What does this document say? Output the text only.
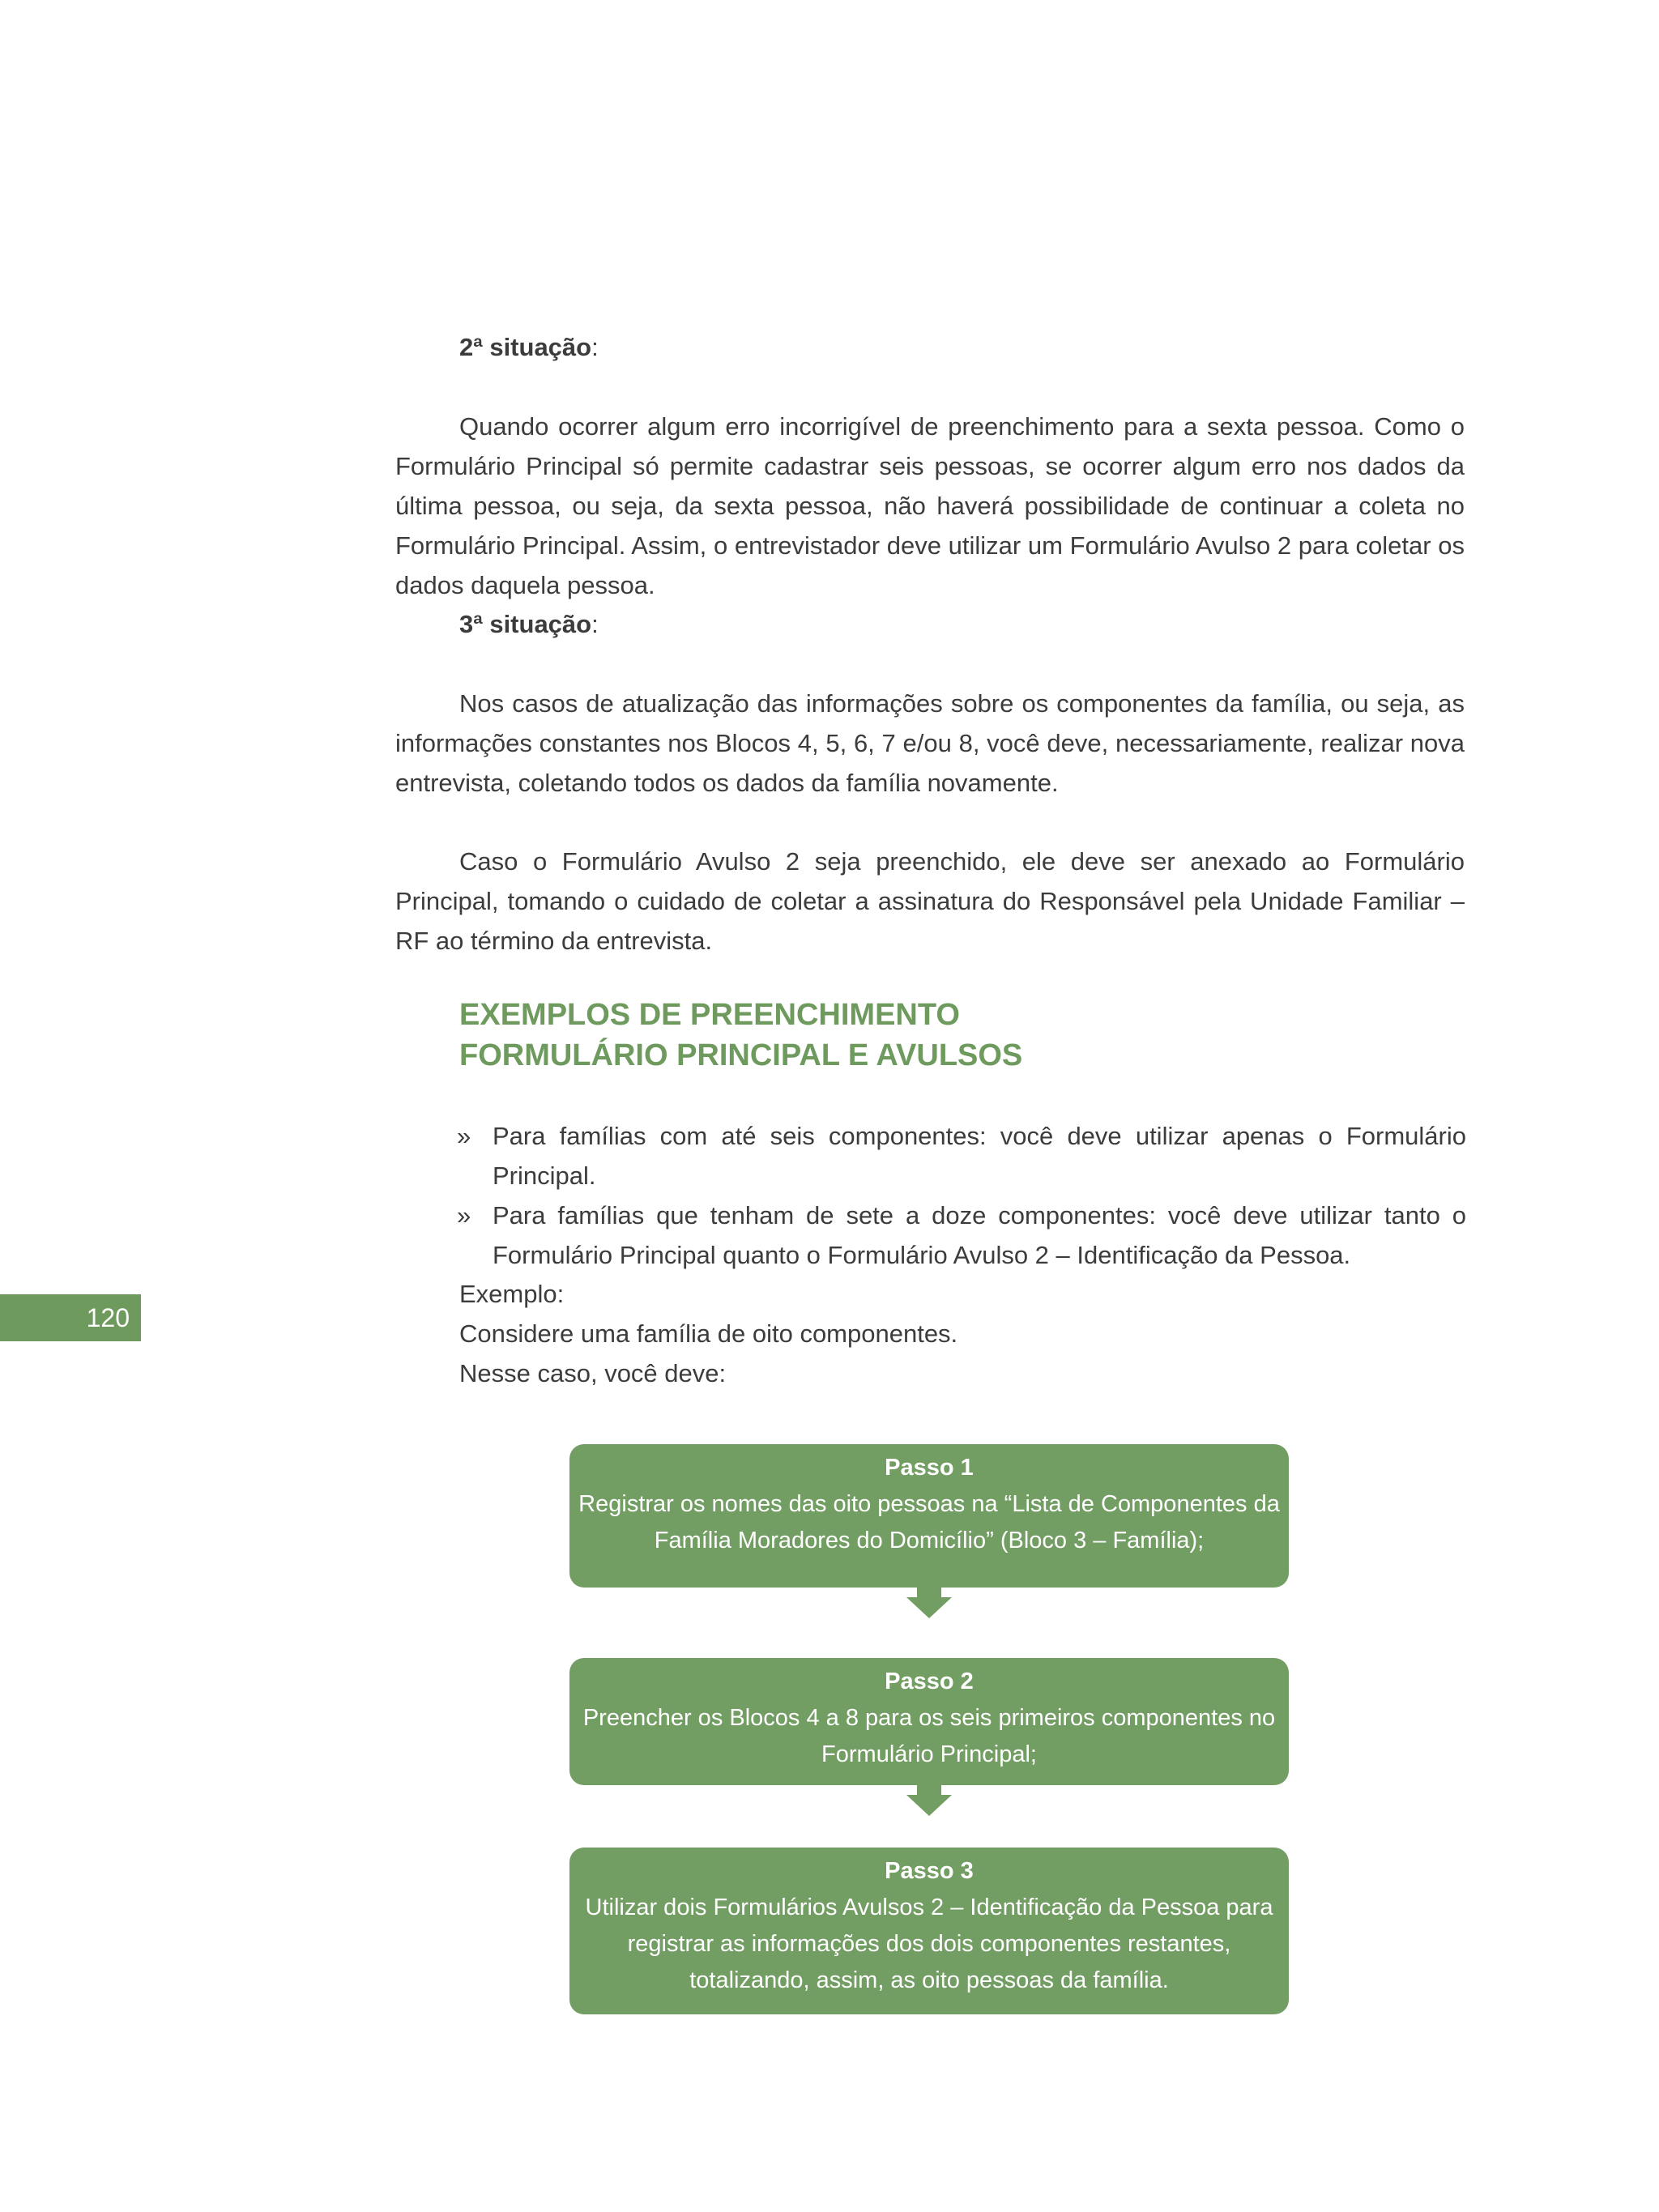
2ª situação:

Quando ocorrer algum erro incorrigível de preenchimento para a sexta pessoa. Como o Formulário Principal só permite cadastrar seis pessoas, se ocorrer algum erro nos dados da última pessoa, ou seja, da sexta pessoa, não haverá possibilidade de continuar a coleta no Formulário Principal. Assim, o entrevistador deve utilizar um Formulário Avulso 2 para coletar os dados daquela pessoa.

3ª situação:

Nos casos de atualização das informações sobre os componentes da família, ou seja, as informações constantes nos Blocos 4, 5, 6, 7 e/ou 8, você deve, necessariamente, realizar nova entrevista, coletando todos os dados da família novamente.

Caso o Formulário Avulso 2 seja preenchido, ele deve ser anexado ao Formulário Principal, tomando o cuidado de coletar a assinatura do Responsável pela Unidade Familiar – RF ao término da entrevista.

EXEMPLOS DE PREENCHIMENTO
FORMULÁRIO PRINCIPAL E AVULSOS
» Para famílias com até seis componentes: você deve utilizar apenas o Formulário Principal.
» Para famílias que tenham de sete a doze componentes: você deve utilizar tanto o Formulário Principal quanto o Formulário Avulso 2 – Identificação da Pessoa.
120
Exemplo:
Considere uma família de oito componentes.
Nesse caso, você deve:
Passo 1
Registrar os nomes das oito pessoas na “Lista de Componentes da Família Moradores do Domicílio” (Bloco 3 – Família);
Passo 2
Preencher os Blocos 4 a 8 para os seis primeiros componentes no Formulário Principal;
Passo 3
Utilizar dois Formulários Avulsos 2 – Identificação da Pessoa para registrar as informações dos dois componentes restantes, totalizando, assim, as oito pessoas da família.
